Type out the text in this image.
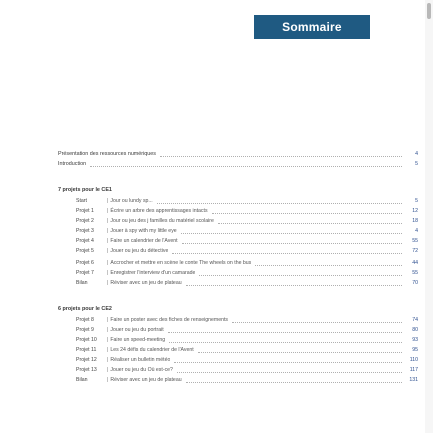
Sommaire
Présentation des ressources numériques	4
Introduction	5
7 projets pour le CE1
Start	| Jour ou lundy sp...	5
Projet 1	| Écrire un arbre des apprentissages intacts	12
Projet 2	| Jour ou jeu des j familles du matériel scolaire	18
Projet 3	| Jouer à spy with my little eye	4
Projet 4	| Faire un calendrier de l'Avent	55
Projet 5	| Jouer ou jeu du détective	72
Projet 6	| Accrocher et mettre en scène le conte The wheels on the bus	44
Projet 7	| Enregistrer l'interview d'un camarade	55
Bilan	| Réviser avec un jeu de plateau	70
6 projets pour le CE2
Projet 8	| Faire un poster avec des fiches de renseignements	74
Projet 9	| Jouer ou jeu du portrait	80
Projet 10	| Faire un speed-meeting	93
Projet 11	| Les 24 défis du calendrier de l'Avent	95
Projet 12	| Réaliser un bulletin météo	110
Projet 13	| Jouer ou jeu du Où est-ce?	117
Bilan	| Réviser avec un jeu de plateau	131
